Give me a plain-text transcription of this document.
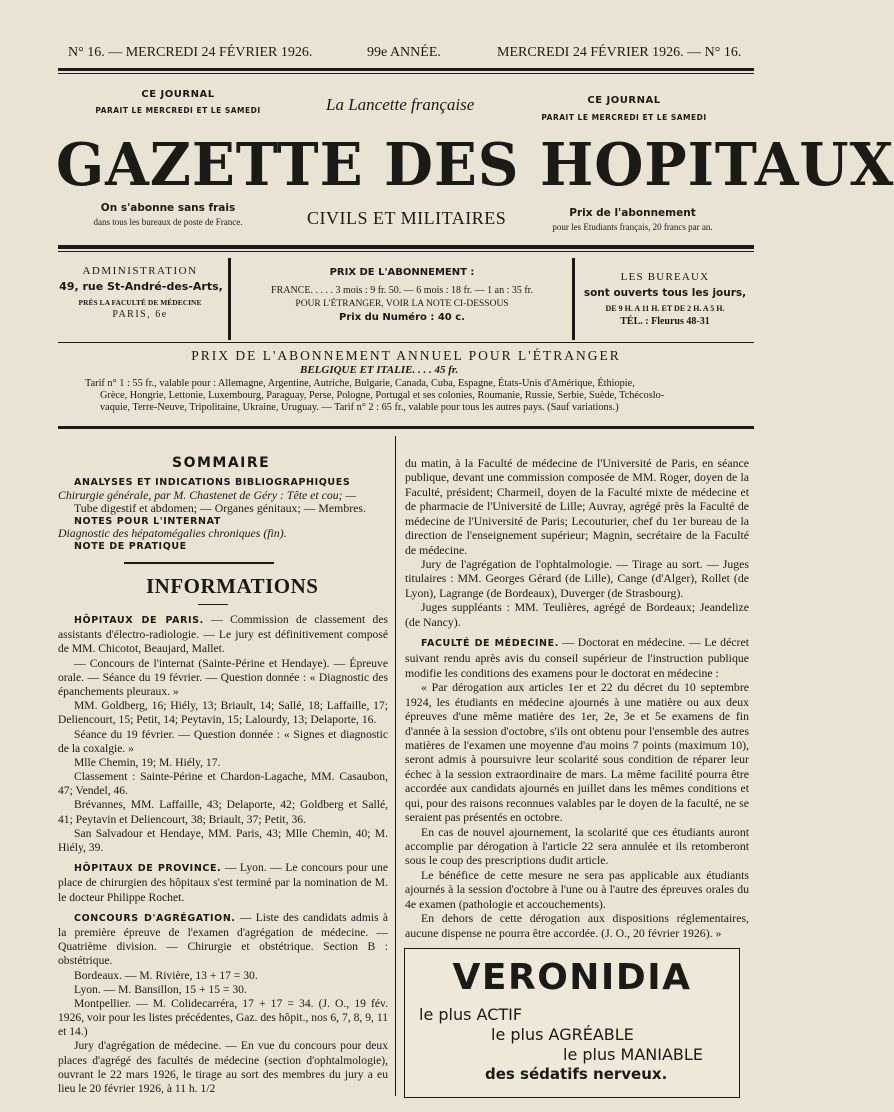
N° 16. — MERCREDI 24 FÉVRIER 1926.	99e ANNÉE.	MERCREDI 24 FÉVRIER 1926. — N° 16.
CE JOURNAL
PARAIT LE MERCREDI ET LE SAMEDI	La Lancette française	CE JOURNAL
PARAIT LE MERCREDI ET LE SAMEDI
GAZETTE DES HOPITAUX
On s'abonne sans frais
dans tous les bureaux de poste de France.	CIVILS ET MILITAIRES	Prix de l'abonnement
pour les Etudiants français, 20 francs par an.
ADMINISTRATION
49, rue St-André-des-Arts,
PRÈS LA FACULTÉ DE MÉDECINE
PARIS, 6e
PRIX DE L'ABONNEMENT :
FRANCE. . . . . 3 mois : 9 fr. 50. — 6 mois : 18 fr. — 1 an : 35 fr.
POUR L'ÉTRANGER, VOIR LA NOTE CI-DESSOUS
Prix du Numéro : 40 c.
LES BUREAUX
sont ouverts tous les jours,
DE 9 H. A 11 H. ET DE 2 H. A 5 H.
TÉL. : Fleurus 48-31
PRIX DE L'ABONNEMENT ANNUEL POUR L'ÉTRANGER
BELGIQUE ET ITALIE. . . . 45 fr.
Tarif n° 1 : 55 fr., valable pour : Allemagne, Argentine, Autriche, Bulgarie, Canada, Cuba, Espagne, États-Unis d'Amérique, Éthiopie,
Grèce, Hongrie, Lettonie, Luxembourg, Paraguay, Perse, Pologne, Portugal et ses colonies, Roumanie, Russie, Serbie, Suède, Tchécoslo-
vaquie, Terre-Neuve, Tripolitaine, Ukraine, Uruguay. — Tarif n° 2 : 65 fr., valable pour tous les autres pays. (Sauf variations.)
SOMMAIRE
ANALYSES ET INDICATIONS BIBLIOGRAPHIQUES
Chirurgie générale, par M. Chastenet de Géry : Tête et cou; —
Tube digestif et abdomen; — Organes génitaux; — Membres.
NOTES POUR L'INTERNAT
Diagnostic des hépatomégalies chroniques (fin).
NOTE DE PRATIQUE
INFORMATIONS

HÔPITAUX DE PARIS. — Commission de classement des assistants d'électro-radiologie. — Le jury est définitivement composé de MM. Chicotot, Beaujard, Mallet.

— Concours de l'internat (Sainte-Périne et Hendaye). — Épreuve orale. — Séance du 19 février. — Question donnée : « Diagnostic des épanchements pleuraux. »

MM. Goldberg, 16; Hiély, 13; Briault, 14; Sallé, 18; Laffaille, 17; Deliencourt, 15; Petit, 14; Peytavin, 15; Lalourdy, 13; Delaporte, 16.

Séance du 19 février. — Question donnée : « Signes et diagnostic de la coxalgie. »

Mlle Chemin, 19; M. Hiély, 17.

Classement : Sainte-Périne et Chardon-Lagache, MM. Casaubon, 47; Vendel, 46.

Brévannes, MM. Laffaille, 43; Delaporte, 42; Goldberg et Sallé, 41; Peytavin et Deliencourt, 38; Briault, 37; Petit, 36.

San Salvadour et Hendaye, MM. Paris, 43; Mlle Chemin, 40; M. Hiély, 39.

HÔPITAUX DE PROVINCE. — Lyon. — Le concours pour une place de chirurgien des hôpitaux s'est terminé par la nomination de M. le docteur Philippe Rochet.

CONCOURS D'AGRÉGATION. — Liste des candidats admis à la première épreuve de l'examen d'agrégation de médecine. — Quatrième division. — Chirurgie et obstétrique. Section B : obstétrique.

Bordeaux. — M. Rivière, 13 + 17 = 30.

Lyon. — M. Bansillon, 15 + 15 = 30.

Montpellier. — M. Colidecarréra, 17 + 17 = 34. (J. O., 19 fév. 1926, voir pour les listes précédentes, Gaz. des hôpit., nos 6, 7, 8, 9, 11 et 14.)

Jury d'agrégation de médecine. — En vue du concours pour deux places d'agrégé des facultés de médecine (section d'ophtalmologie), ouvrant le 22 mars 1926, le tirage au sort des membres du jury a eu lieu le 20 février 1926, à 11 h. 1/2

du matin, à la Faculté de médecine de l'Université de Paris, en séance publique, devant une commission composée de MM. Roger, doyen de la Faculté, président; Charmeil, doyen de la Faculté mixte de médecine et de pharmacie de l'Université de Lille; Auvray, agrégé près la Faculté de médecine de l'Université de Paris; Lecouturier, chef du 1er bureau de la direction de l'enseignement supérieur; Magnin, secrétaire de la Faculté de médecine.

Jury de l'agrégation de l'ophtalmologie. — Tirage au sort. — Juges titulaires : MM. Georges Gérard (de Lille), Cange (d'Alger), Rollet (de Lyon), Lagrange (de Bordeaux), Duverger (de Strasbourg).

Juges suppléants : MM. Teulières, agrégé de Bordeaux; Jeandelize (de Nancy).

FACULTÉ DE MÉDECINE. — Doctorat en médecine. — Le décret suivant rendu après avis du conseil supérieur de l'instruction publique modifie les conditions des examens pour le doctorat en médecine :

« Par dérogation aux articles 1er et 22 du décret du 10 septembre 1924, les étudiants en médecine ajournés à une matière ou aux deux épreuves d'une même matière des 1er, 2e, 3e et 5e examens de fin d'année à la session d'octobre, s'ils ont obtenu pour l'ensemble des autres matières de l'examen une moyenne d'au moins 7 points (maximum 10), seront admis à poursuivre leur scolarité sous condition de réparer leur échec à la session extraordinaire de mars. La même facilité pourra être accordée aux candidats ajournés en juillet dans les mêmes conditions et qui, pour des raisons reconnues valables par le doyen de la faculté, ne se seraient pas présentés en octobre.

En cas de nouvel ajournement, la scolarité que ces étudiants auront accomplie par dérogation à l'article 22 sera annulée et ils retomberont sous le coup des prescriptions dudit article.

Le bénéfice de cette mesure ne sera pas applicable aux étudiants ajournés à la session d'octobre à l'une ou à l'autre des épreuves orales du 4e examen (pathologie et accouchements).

En dehors de cette dérogation aux dispositions réglementaires, aucune dispense ne pourra être accordée. (J. O., 20 février 1926). »

VERONIDIA
le plus ACTIF
le plus AGRÉABLE
le plus MANIABLE
des sédatifs nerveux.
